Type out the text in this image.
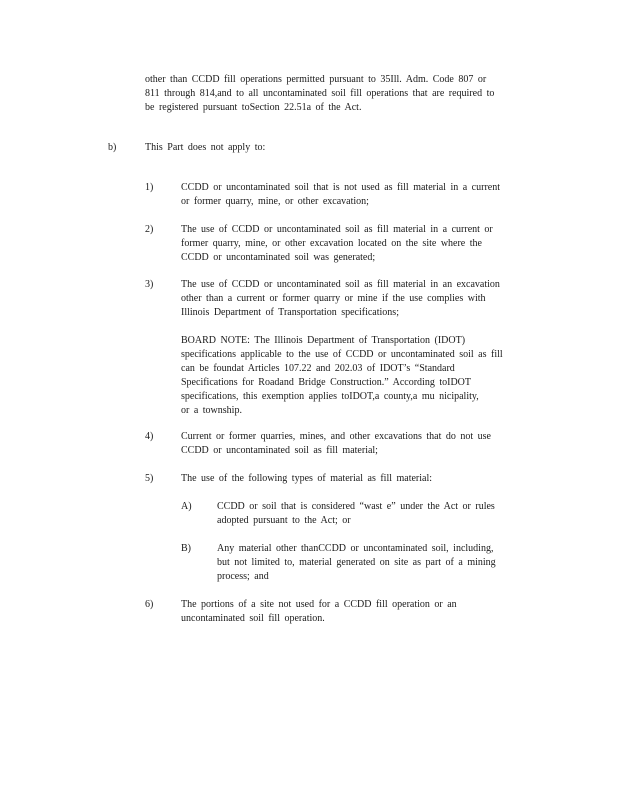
other than CCDD fill operations permitted pursuant to 35Ill. Adm. Code 807 or
811 through 814,and to all uncontaminated soil fill operations that are required to
be registered pursuant toSection 22.51a of the Act.
b)	This Part does not apply to:
1)	CCDD or uncontaminated soil that is not used as fill material in a current
or former quarry, mine, or other excavation;
2)	The use of CCDD or uncontaminated soil as fill material in a current or
former quarry, mine, or other excavation located on the site where the
CCDD or uncontaminated soil was generated;
3)	The use of CCDD or uncontaminated soil as fill material in an excavation
other than a current or former quarry or mine if the use complies with
Illinois Department of Transportation specifications;
BOARD NOTE: The Illinois Department of Transportation (IDOT)
specifications applicable to the use of CCDD or uncontaminated soil as fill
can be foundat Articles 107.22 and 202.03 of IDOT’s “Standard
Specifications for Roadand Bridge Construction.” According toIDOT
specifications, this exemption applies toIDOT,a county,a mu nicipality,
or a township.
4)	Current or former quarries, mines, and other excavations that do not use
CCDD or uncontaminated soil as fill material;
5)	The use of the following types of material as fill material:
A)	CCDD or soil that is considered “wast e” under the Act or rules
adopted pursuant to the Act; or
B)	Any material other thanCCDD or uncontaminated soil, including,
but not limited to, material generated on site as part of a mining
process; and
6)	The portions of a site not used for a CCDD fill operation or an
uncontaminated soil fill operation.
